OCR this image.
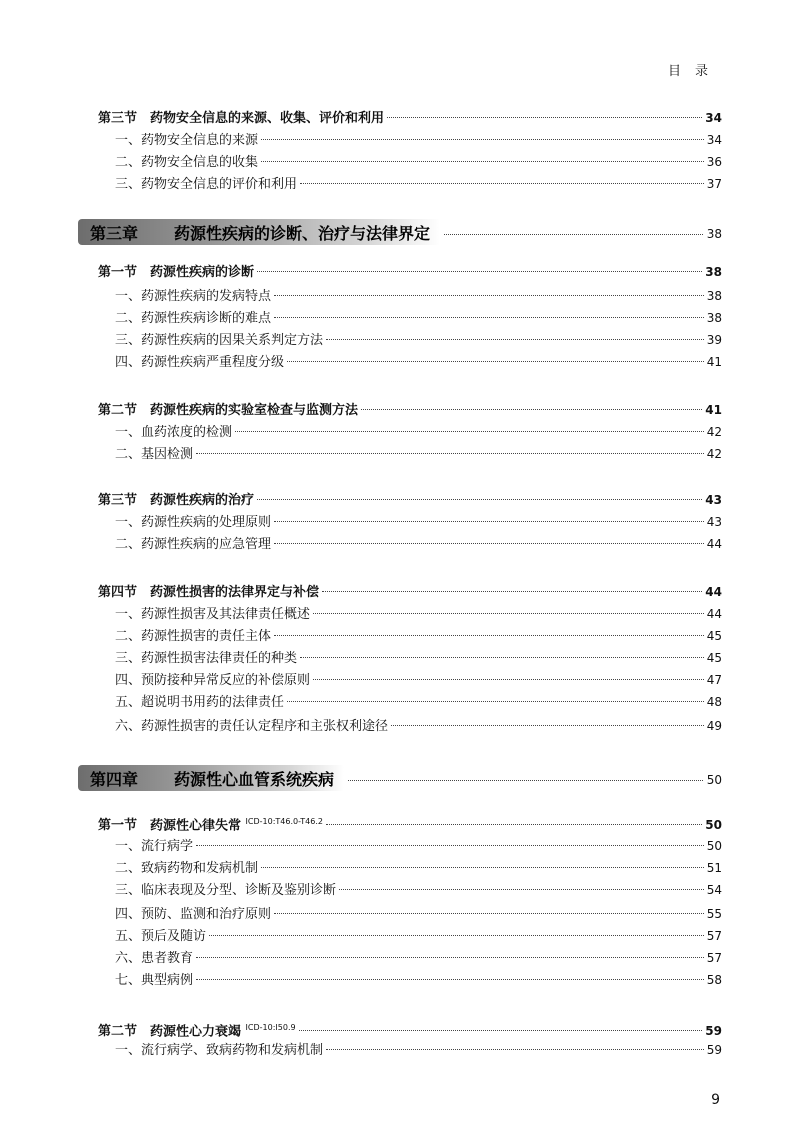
目录
第三节 药物安全信息的来源、收集、评价和利用	34
一、药物安全信息的来源	34
二、药物安全信息的收集	36
三、药物安全信息的评价和利用	37
第三章	药源性疾病的诊断、治疗与法律界定	38
第一节 药源性疾病的诊断	38
一、药源性疾病的发病特点	38
二、药源性疾病诊断的难点	38
三、药源性疾病的因果关系判定方法	39
四、药源性疾病严重程度分级	41
第二节 药源性疾病的实验室检查与监测方法	41
一、血药浓度的检测	42
二、基因检测	42
第三节 药源性疾病的治疗	43
一、药源性疾病的处理原则	43
二、药源性疾病的应急管理	44
第四节 药源性损害的法律界定与补偿	44
一、药源性损害及其法律责任概述	44
二、药源性损害的责任主体	45
三、药源性损害法律责任的种类	45
四、预防接种异常反应的补偿原则	47
五、超说明书用药的法律责任	48
六、药源性损害的责任认定程序和主张权利途径	49
第四章	药源性心血管系统疾病	50
第一节 药源性心律失常 $^{ICD-10:T46.0-T46.2}$	50
一、流行病学	50
二、致病药物和发病机制	51
三、临床表现及分型、诊断及鉴别诊断	54
四、预防、监测和治疗原则	55
五、预后及随访	57
六、患者教育	57
七、典型病例	58
第二节 药源性心力衰竭 $^{ICD-10:I50.9}$	59
一、流行病学、致病药物和发病机制	59
9
